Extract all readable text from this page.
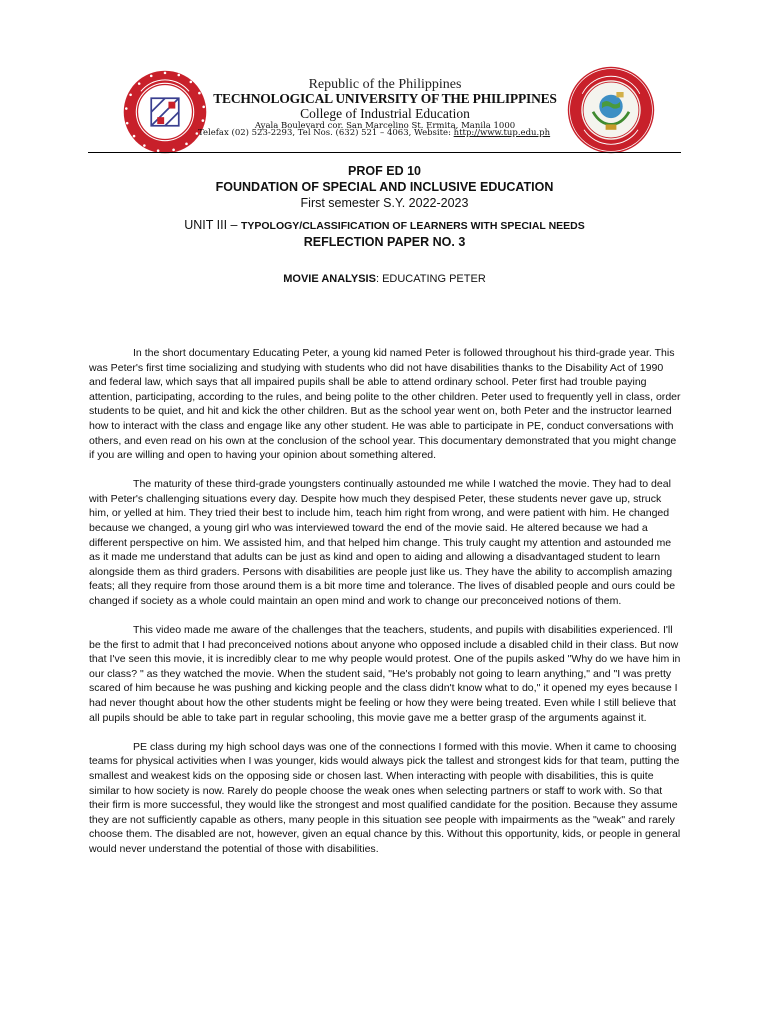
Republic of the Philippines
TECHNOLOGICAL UNIVERSITY OF THE PHILIPPINES
College of Industrial Education
Ayala Boulevard cor. San Marcelino St. Ermita, Manila 1000
Telefax (02) 523-2293, Tel Nos. (632) 521 – 4063, Website: http://www.tup.edu.ph
PROF ED 10
FOUNDATION OF SPECIAL AND INCLUSIVE EDUCATION
First semester S.Y. 2022-2023
UNIT III – TYPOLOGY/CLASSIFICATION OF LEARNERS WITH SPECIAL NEEDS
REFLECTION PAPER NO. 3
MOVIE ANALYSIS: EDUCATING PETER

In the short documentary Educating Peter, a young kid named Peter is followed throughout his third-grade year. This was Peter's first time socializing and studying with students who did not have disabilities thanks to the Disability Act of 1990 and federal law, which says that all impaired pupils shall be able to attend ordinary school. Peter first had trouble paying attention, participating, according to the rules, and being polite to the other children. Peter used to frequently yell in class, order students to be quiet, and hit and kick the other children. But as the school year went on, both Peter and the instructor learned how to interact with the class and engage like any other student. He was able to participate in PE, conduct conversations with others, and even read on his own at the conclusion of the school year. This documentary demonstrated that you might change if you are willing and open to having your opinion about something altered.

The maturity of these third-grade youngsters continually astounded me while I watched the movie. They had to deal with Peter's challenging situations every day. Despite how much they despised Peter, these students never gave up, struck him, or yelled at him. They tried their best to include him, teach him right from wrong, and were patient with him. He changed because we changed, a young girl who was interviewed toward the end of the movie said. He altered because we had a different perspective on him. We assisted him, and that helped him change. This truly caught my attention and astounded me as it made me understand that adults can be just as kind and open to aiding and allowing a disadvantaged student to learn alongside them as third graders. Persons with disabilities are people just like us. They have the ability to accomplish amazing feats; all they require from those around them is a bit more time and tolerance. The lives of disabled people and ours could be changed if society as a whole could maintain an open mind and work to change our preconceived notions of them.

This video made me aware of the challenges that the teachers, students, and pupils with disabilities experienced. I'll be the first to admit that I had preconceived notions about anyone who opposed include a disabled child in their class. But now that I've seen this movie, it is incredibly clear to me why people would protest. One of the pupils asked "Why do we have him in our class? " as they watched the movie. When the student said, "He's probably not going to learn anything," and "I was pretty scared of him because he was pushing and kicking people and the class didn't know what to do," it opened my eyes because I had never thought about how the other students might be feeling or how they were being treated. Even while I still believe that all pupils should be able to take part in regular schooling, this movie gave me a better grasp of the arguments against it.

PE class during my high school days was one of the connections I formed with this movie. When it came to choosing teams for physical activities when I was younger, kids would always pick the tallest and strongest kids for that team, putting the smallest and weakest kids on the opposing side or chosen last. When interacting with people with disabilities, this is quite similar to how society is now. Rarely do people choose the weak ones when selecting partners or staff to work with. So that their firm is more successful, they would like the strongest and most qualified candidate for the position. Because they assume they are not sufficiently capable as others, many people in this situation see people with impairments as the "weak" and rarely choose them. The disabled are not, however, given an equal chance by this. Without this opportunity, kids, or people in general would never understand the potential of those with disabilities.
